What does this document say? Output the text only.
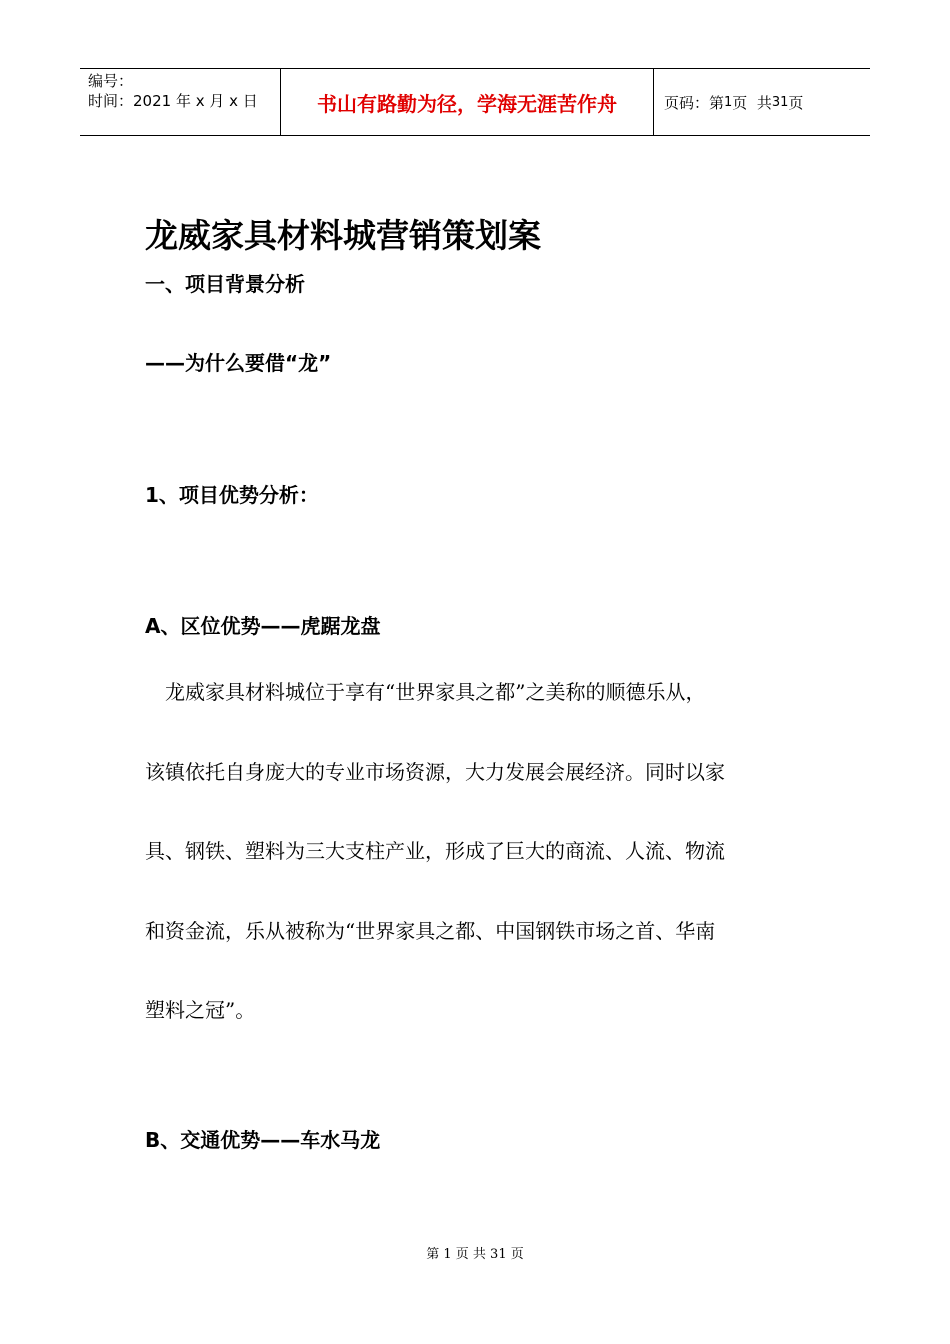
编号：
时间：2021 年 x 月 x 日	书山有路勤为径，学海无涯苦作舟	页码：第 1 页  共 31 页
龙威家具材料城营销策划案
一、项目背景分析
——为什么要借“龙”
1、项目优势分析：
A、区位优势——虎踞龙盘
　龙威家具材料城位于享有“世界家具之都”之美称的顺德乐从，
该镇依托自身庞大的专业市场资源，大力发展会展经济。同时以家
具、钢铁、塑料为三大支柱产业，形成了巨大的商流、人流、物流
和资金流，乐从被称为“世界家具之都、中国钢铁市场之首、华南
塑料之冠”。
B、交通优势——车水马龙
第 1 页 共 31 页
